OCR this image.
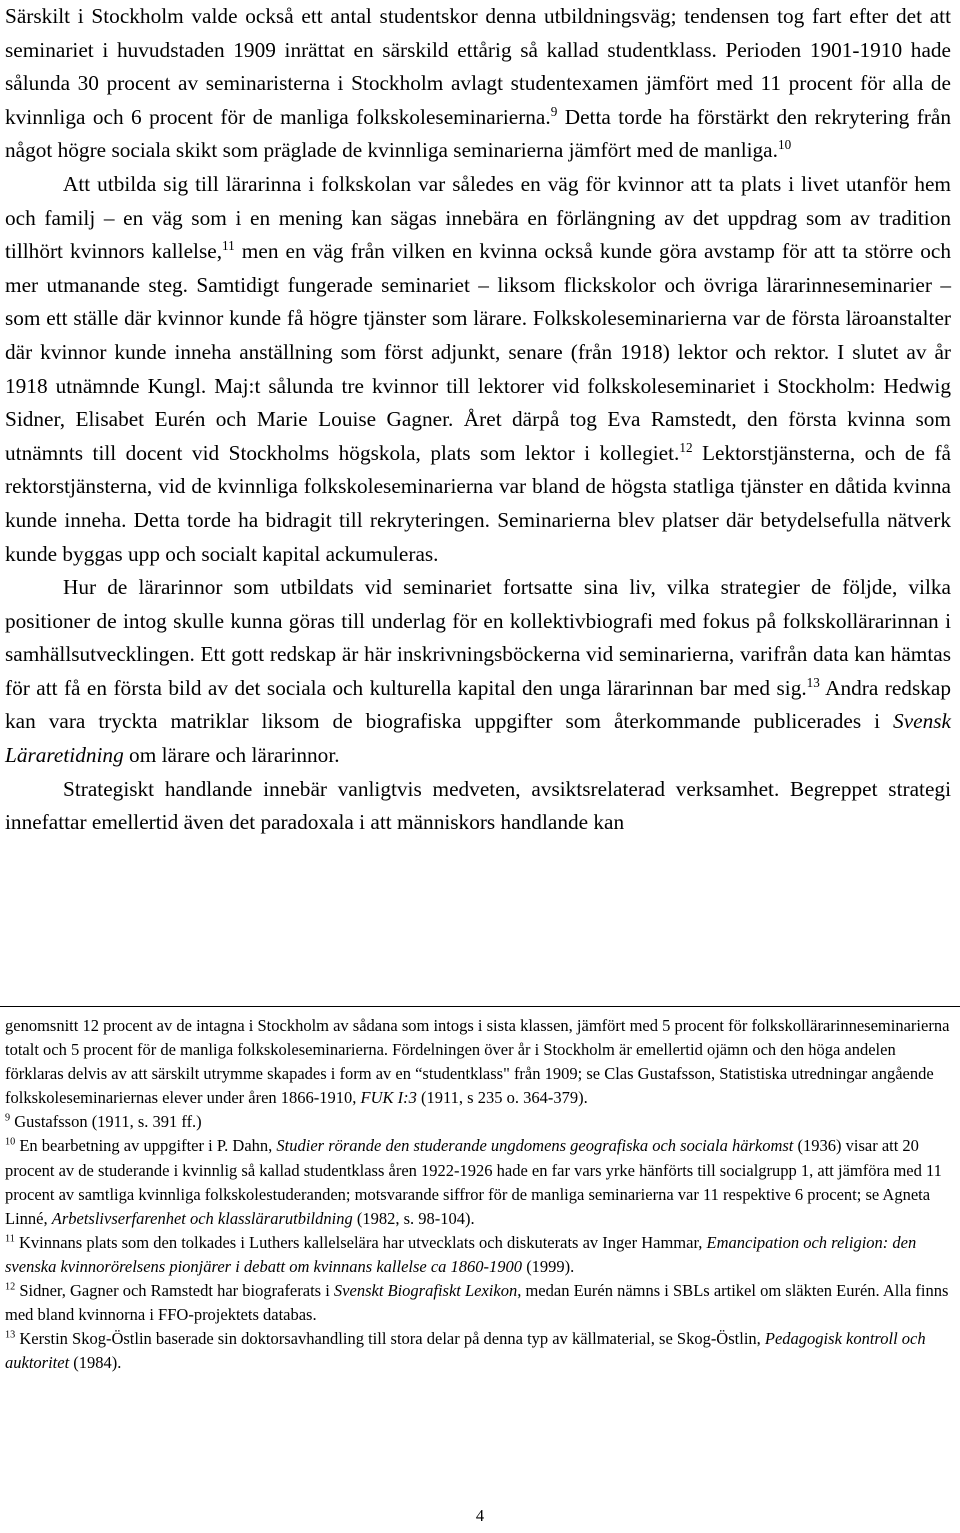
Särskilt i Stockholm valde också ett antal studentskor denna utbildningsväg; tendensen tog fart efter det att seminariet i huvudstaden 1909 inrättat en särskild ettårig så kallad studentklass. Perioden 1901-1910 hade sålunda 30 procent av seminaristerna i Stockholm avlagt studentexamen jämfört med 11 procent för alla de kvinnliga och 6 procent för de manliga folkskoleseminarierna.$^9$ Detta torde ha förstärkt den rekrytering från något högre sociala skikt som präglade de kvinnliga seminarierna jämfört med de manliga.$^{10}$

Att utbilda sig till lärarinna i folkskolan var således en väg för kvinnor att ta plats i livet utanför hem och familj – en väg som i en mening kan sägas innebära en förlängning av det uppdrag som av tradition tillhört kvinnors kallelse,$^{11}$ men en väg från vilken en kvinna också kunde göra avstamp för att ta större och mer utmanande steg. Samtidigt fungerade seminariet – liksom flickskolor och övriga lärarinneseminarier – som ett ställe där kvinnor kunde få högre tjänster som lärare. Folkskoleseminarierna var de första läroanstalter där kvinnor kunde inneha anställning som först adjunkt, senare (från 1918) lektor och rektor. I slutet av år 1918 utnämnde Kungl. Maj:t sålunda tre kvinnor till lektorer vid folkskoleseminariet i Stockholm: Hedwig Sidner, Elisabet Eurén och Marie Louise Gagner. Året därpå tog Eva Ramstedt, den första kvinna som utnämnts till docent vid Stockholms högskola, plats som lektor i kollegiet.$^{12}$ Lektorstjänsterna, och de få rektorstjänsterna, vid de kvinnliga folkskoleseminarierna var bland de högsta statliga tjänster en dåtida kvinna kunde inneha. Detta torde ha bidragit till rekryteringen. Seminarierna blev platser där betydelsefulla nätverk kunde byggas upp och socialt kapital ackumuleras.

Hur de lärarinnor som utbildats vid seminariet fortsatte sina liv, vilka strategier de följde, vilka positioner de intog skulle kunna göras till underlag för en kollektivbiografi med fokus på folkskollärarinnan i samhällsutvecklingen. Ett gott redskap är här inskrivningsböckerna vid seminarierna, varifrån data kan hämtas för att få en första bild av det sociala och kulturella kapital den unga lärarinnan bar med sig.$^{13}$ Andra redskap kan vara tryckta matriklar liksom de biografiska uppgifter som återkommande publicerades i Svensk Läraretidning om lärare och lärarinnor.

Strategiskt handlande innebär vanligtvis medveten, avsiktsrelaterad verksamhet. Begreppet strategi innefattar emellertid även det paradoxala i att människors handlande kan

genomsnitt 12 procent av de intagna i Stockholm av sådana som intogs i sista klassen, jämfört med 5 procent för folkskollärarinneseminarierna totalt och 5 procent för de manliga folkskoleseminarierna. Fördelningen över år i Stockholm är emellertid ojämn och den höga andelen förklaras delvis av att särskilt utrymme skapades i form av en “studentklass" från 1909; se Clas Gustafsson, Statistiska utredningar angående folkskoleseminariernas elever under åren 1866-1910, FUK I:3 (1911, s 235 o. 364-379).

$^9$ Gustafsson (1911, s. 391 ff.)

$^{10}$ En bearbetning av uppgifter i P. Dahn, Studier rörande den studerande ungdomens geografiska och sociala härkomst (1936) visar att 20 procent av de studerande i kvinnlig så kallad studentklass åren 1922-1926 hade en far vars yrke hänförts till socialgrupp 1, att jämföra med 11 procent av samtliga kvinnliga folkskolestuderanden; motsvarande siffror för de manliga seminarierna var 11 respektive 6 procent; se Agneta Linné, Arbetslivserfarenhet och klasslärarutbildning (1982, s. 98-104).

$^{11}$ Kvinnans plats som den tolkades i Luthers kallelselära har utvecklats och diskuterats av Inger Hammar, Emancipation och religion: den svenska kvinnorörelsens pionjärer i debatt om kvinnans kallelse ca 1860-1900 (1999).

$^{12}$ Sidner, Gagner och Ramstedt har biograferats i Svenskt Biografiskt Lexikon, medan Eurén nämns i SBLs artikel om släkten Eurén. Alla finns med bland kvinnorna i FFO-projektets databas.

$^{13}$ Kerstin Skog-Östlin baserade sin doktorsavhandling till stora delar på denna typ av källmaterial, se Skog-Östlin, Pedagogisk kontroll och auktoritet (1984).

4
